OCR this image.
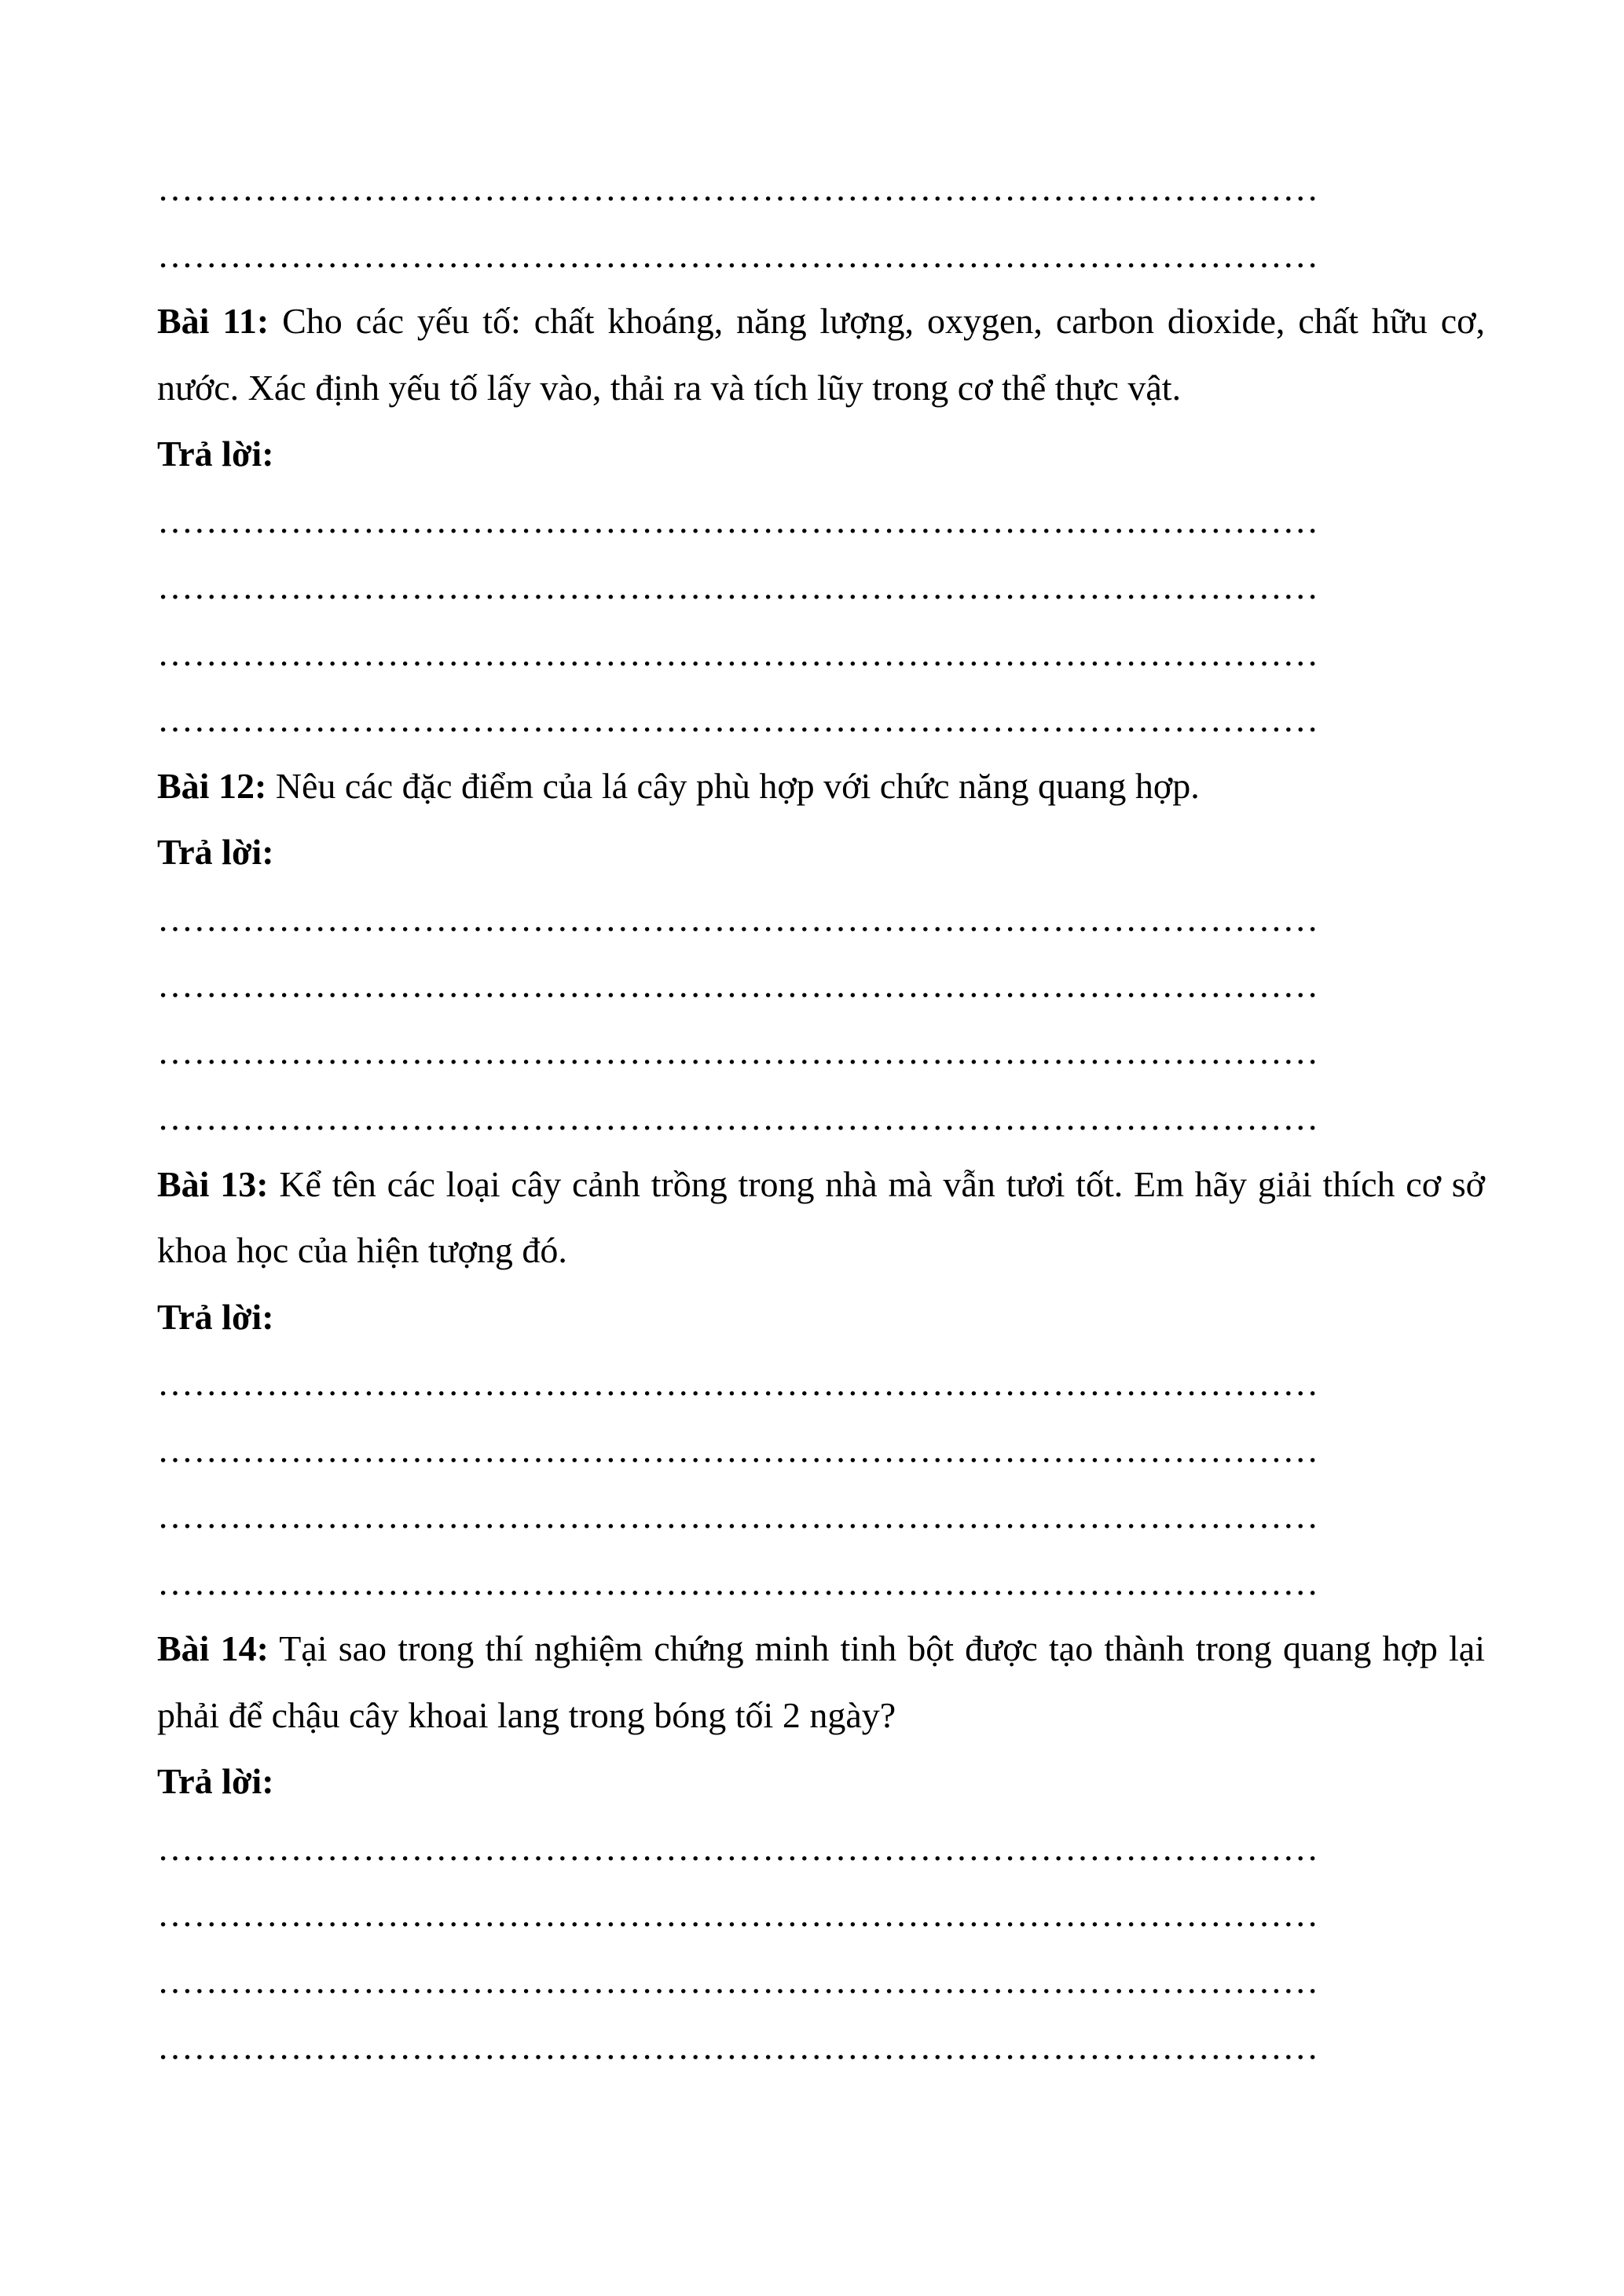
……………………………………………………………………………………
……………………………………………………………………………………
Bài 11: Cho các yếu tố: chất khoáng, năng lượng, oxygen, carbon dioxide, chất hữu cơ, nước. Xác định yếu tố lấy vào, thải ra và tích lũy trong cơ thể thực vật.
Trả lời:
……………………………………………………………………………………
……………………………………………………………………………………
……………………………………………………………………………………
……………………………………………………………………………………
Bài 12: Nêu các đặc điểm của lá cây phù hợp với chức năng quang hợp.
Trả lời:
……………………………………………………………………………………
……………………………………………………………………………………
……………………………………………………………………………………
……………………………………………………………………………………
Bài 13: Kể tên các loại cây cảnh trồng trong nhà mà vẫn tươi tốt. Em hãy giải thích cơ sở khoa học của hiện tượng đó.
Trả lời:
……………………………………………………………………………………
……………………………………………………………………………………
……………………………………………………………………………………
……………………………………………………………………………………
Bài 14: Tại sao trong thí nghiệm chứng minh tinh bột được tạo thành trong quang hợp lại phải để chậu cây khoai lang trong bóng tối 2 ngày?
Trả lời:
……………………………………………………………………………………
……………………………………………………………………………………
……………………………………………………………………………………
……………………………………………………………………………………
